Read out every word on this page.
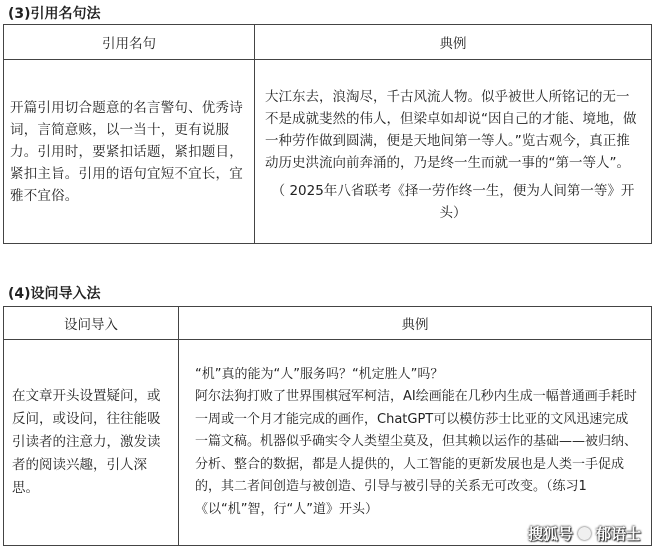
(3)引用名句法
引用名句	典例

开篇引用切合题意的名言警句、优秀诗词，言简意赅，以一当十，更有说服力。引用时，要紧扣话题，紧扣题目，紧扣主旨。引用的语句宜短不宜长，宜雅不宜俗。	大江东去，浪淘尽，千古风流人物。似乎被世人所铭记的无一不是成就斐然的伟人，但梁卓如却说“因自己的才能、境地，做一种劳作做到圆满，便是天地间第一等人。”览古观今，真正推动历史洪流向前奔涌的，乃是终一生而就一事的“第一等人”。
（ 2025年八省联考《择一劳作终一生，便为人间第一等》开头）
(4)设问导入法
设问导入	典例

在文章开头设置疑问，或反问，或设问，往往能吸引读者的注意力，激发读者的阅读兴趣，引人深思。	“机”真的能为“人”服务吗？“机定胜人”吗？
阿尔法狗打败了世界围棋冠军柯洁，AI绘画能在几秒内生成一幅普通画手耗时一周或一个月才能完成的画作，ChatGPT可以模仿莎士比亚的文风迅速完成一篇文稿。机器似乎确实令人类望尘莫及，但其赖以运作的基础——被归纳、分析、整合的数据，都是人提供的，人工智能的更新发展也是人类一手促成的，其二者间创造与被创造、引导与被引导的关系无可改变。（练习1《以“机”智，行“人”道》开头）
搜狐号 郁语士
